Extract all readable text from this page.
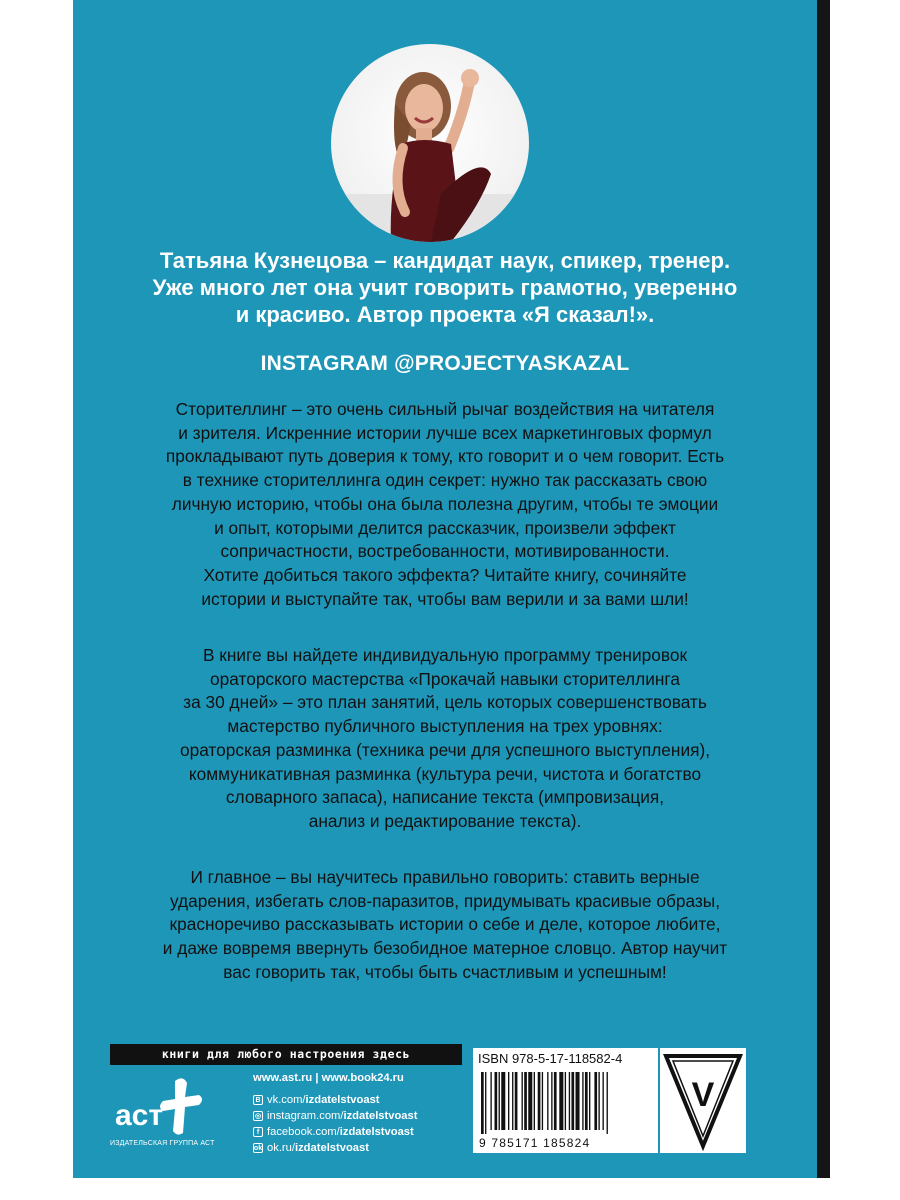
Татьяна Кузнецова – кандидат наук, спикер, тренер.
Уже много лет она учит говорить грамотно, уверенно
и красиво. Автор проекта «Я сказал!».
INSTAGRAM @PROJECTYASKAZAL
Сторителлинг – это очень сильный рычаг воздействия на читателя
и зрителя. Искренние истории лучше всех маркетинговых формул
прокладывают путь доверия к тому, кто говорит и о чем говорит. Есть
в технике сторителлинга один секрет: нужно так рассказать свою
личную историю, чтобы она была полезна другим, чтобы те эмоции
и опыт, которыми делится рассказчик, произвели эффект
сопричастности, востребованности, мотивированности.
Хотите добиться такого эффекта? Читайте книгу, сочиняйте
истории и выступайте так, чтобы вам верили и за вами шли!
В книге вы найдете индивидуальную программу тренировок
ораторского мастерства «Прокачай навыки сторителлинга
за 30 дней» – это план занятий, цель которых совершенствовать
мастерство публичного выступления на трех уровнях:
ораторская разминка (техника речи для успешного выступления),
коммуникативная разминка (культура речи, чистота и богатство
словарного запаса), написание текста (импровизация,
анализ и редактирование текста).
И главное – вы научитесь правильно говорить: ставить верные
ударения, избегать слов-паразитов, придумывать красивые образы,
красноречиво рассказывать истории о себе и деле, которое любите,
и даже вовремя ввернуть безобидное матерное словцо. Автор научит
вас говорить так, чтобы быть счастливым и успешным!
книги для любого настроения здесь
аст
ИЗДАТЕЛЬСКАЯ ГРУППА АСТ
www.ast.ru | www.book24.ru
В vk.com/ izdatelstvoast
◎ instagram.com/ izdatelstvoast
f facebook.com/ izdatelstvoast
ok ok.ru/ izdatelstvoast
ISBN 978-5-17-118582-4
9 785171 185824
V
